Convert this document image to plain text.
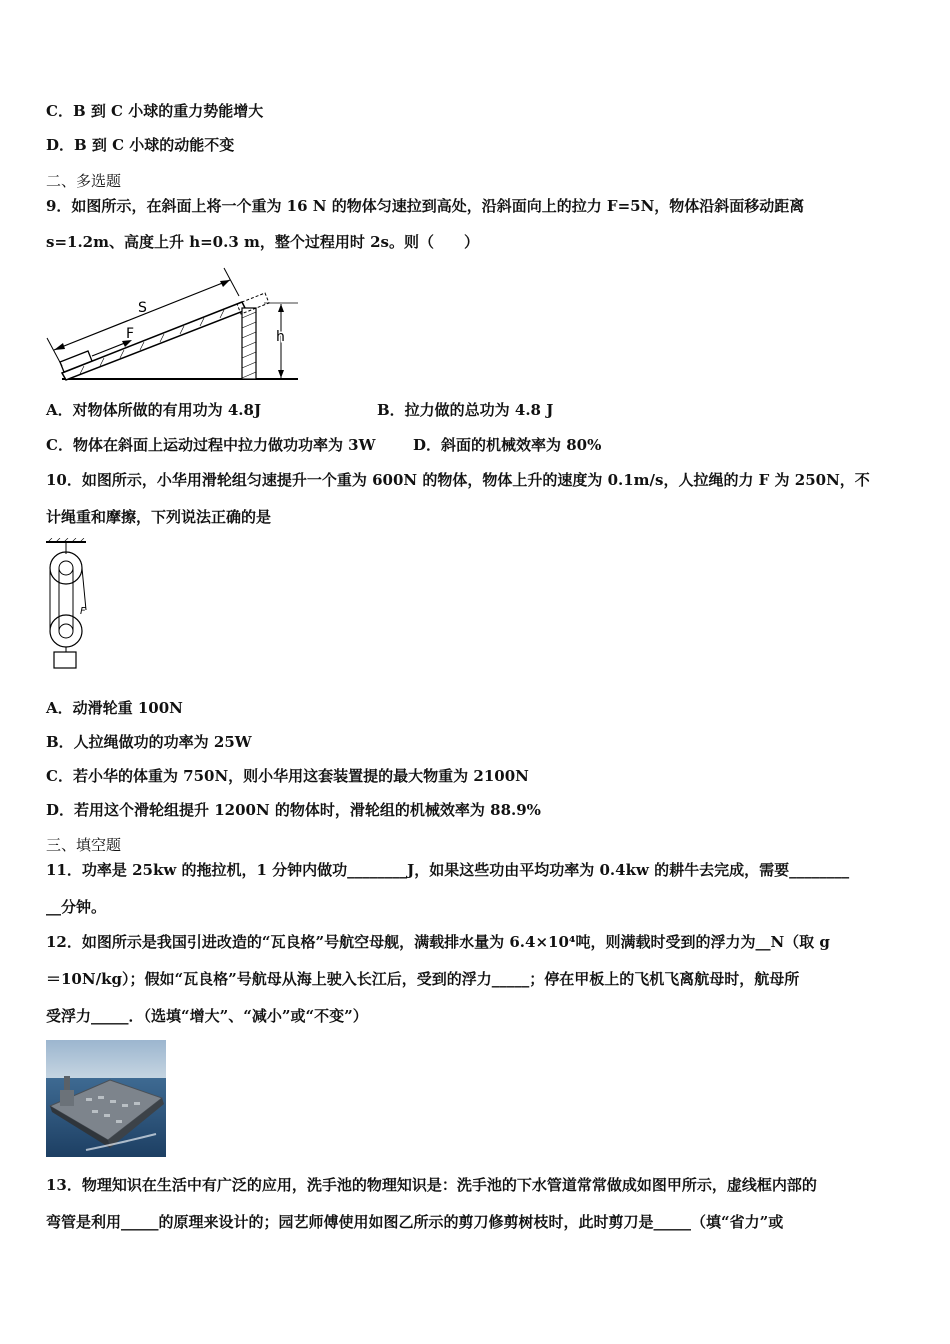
C．B 到 C 小球的重力势能增大
D．B 到 C 小球的动能不变
二、多选题
9．如图所示，在斜面上将一个重为 16 N 的物体匀速拉到高处，沿斜面向上的拉力 F=5N，物体沿斜面移动距离
s=1.2m、高度上升 h=0.3 m，整个过程用时 2s。则（　　）
S
F	h
A．对物体所做的有用功为 4.8J	B．拉力做的总功为 4.8 J
C．物体在斜面上运动过程中拉力做功功率为 3W	D．斜面的机械效率为 80%
10．如图所示，小华用滑轮组匀速提升一个重为 600N 的物体，物体上升的速度为 0.1m/s，人拉绳的力 F 为 250N，不
计绳重和摩擦，下列说法正确的是
F
A．动滑轮重 100N
B．人拉绳做功的功率为 25W
C．若小华的体重为 750N，则小华用这套装置提的最大物重为 2100N
D．若用这个滑轮组提升 1200N 的物体时，滑轮组的机械效率为 88.9%
三、填空题
11．功率是 25kw 的拖拉机，1 分钟内做功________J，如果这些功由平均功率为 0.4kw 的耕牛去完成，需要________
__分钟。
12．如图所示是我国引进改造的“瓦良格”号航空母舰，满载排水量为 6.4×10⁴吨，则满载时受到的浮力为__N（取 g
＝10N/kg）；假如“瓦良格”号航母从海上驶入长江后，受到的浮力_____；停在甲板上的飞机飞离航母时，航母所
受浮力_____．（选填“增大”、“减小”或“不变”）
13．物理知识在生活中有广泛的应用，洗手池的物理知识是：洗手池的下水管道常常做成如图甲所示，虚线框内部的
弯管是利用_____的原理来设计的；园艺师傅使用如图乙所示的剪刀修剪树枝时，此时剪刀是_____（填“省力”或
